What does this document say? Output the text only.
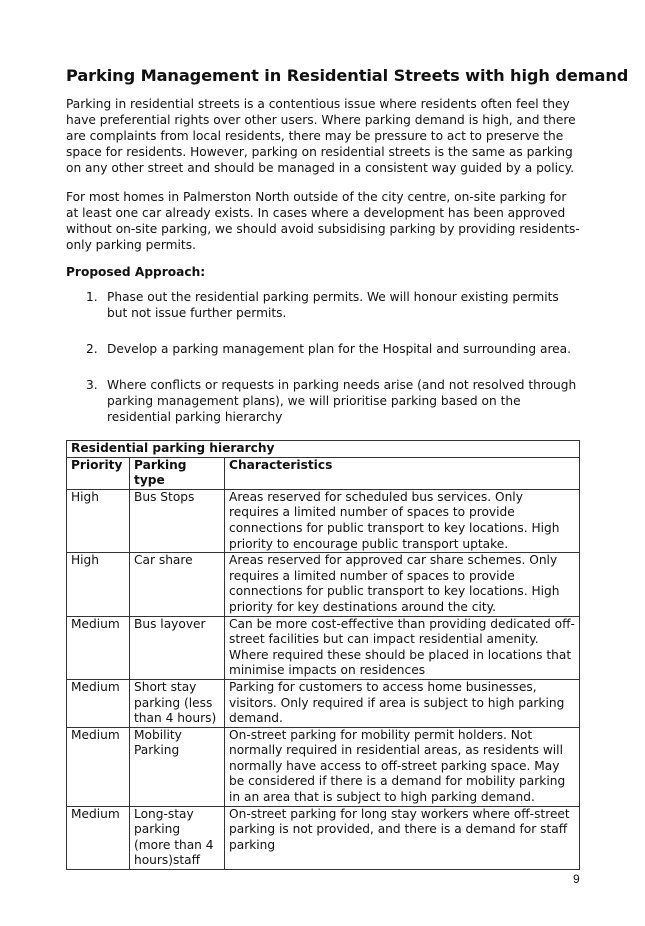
Parking Management in Residential Streets with high demand

Parking in residential streets is a contentious issue where residents often feel they have preferential rights over other users. Where parking demand is high, and there are complaints from local residents, there may be pressure to act to preserve the space for residents. However, parking on residential streets is the same as parking on any other street and should be managed in a consistent way guided by a policy.

For most homes in Palmerston North outside of the city centre, on-site parking for at least one car already exists. In cases where a development has been approved without on-site parking, we should avoid subsidising parking by providing residents-only parking permits.

Proposed Approach:

1. Phase out the residential parking permits. We will honour existing permits but not issue further permits.
2. Develop a parking management plan for the Hospital and surrounding area.
3. Where conflicts or requests in parking needs arise (and not resolved through parking management plans), we will prioritise parking based on the residential parking hierarchy
Residential parking hierarchy		
Priority	Parking type	Characteristics
High	Bus Stops	Areas reserved for scheduled bus services. Only requires a limited number of spaces to provide connections for public transport to key locations. High priority to encourage public transport uptake.
High	Car share	Areas reserved for approved car share schemes. Only requires a limited number of spaces to provide connections for public transport to key locations. High priority for key destinations around the city.
Medium	Bus layover	Can be more cost-effective than providing dedicated off-street facilities but can impact residential amenity. Where required these should be placed in locations that minimise impacts on residences
Medium	Short stay parking (less than 4 hours)	Parking for customers to access home businesses, visitors. Only required if area is subject to high parking demand.
Medium	Mobility Parking	On-street parking for mobility permit holders. Not normally required in residential areas, as residents will normally have access to off-street parking space. May be considered if there is a demand for mobility parking in an area that is subject to high parking demand.
Medium	Long-stay parking (more than 4 hours)staff	On-street parking for long stay workers where off-street parking is not provided, and there is a demand for staff parking
9
